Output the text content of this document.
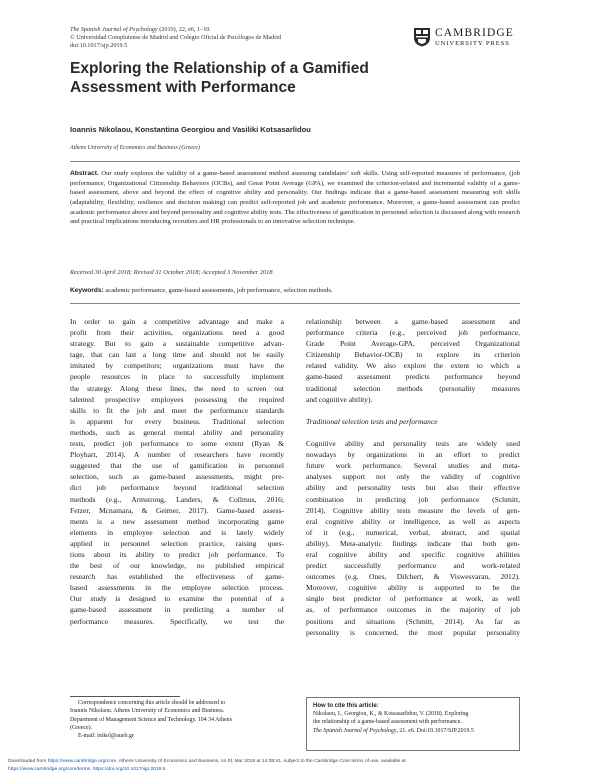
The Spanish Journal of Psychology (2019), 22, e6, 1–10.
© Universidad Complutense de Madrid and Colegio Oficial de Psicólogos de Madrid
doi:10.1017/sjp.2019.5
CAMBRIDGE
UNIVERSITY PRESS
Exploring the Relationship of a Gamified Assessment with Performance
Ioannis Nikolaou, Konstantina Georgiou and Vasiliki Kotsasarlidou
Athens University of Economics and Business (Greece)
Abstract. Our study explores the validity of a game-based assessment method assessing candidates’ soft skills. Using self-reported measures of performance, (job performance, Organizational Citizenship Behaviors (OCBs), and Great Point Average (GPA), we examined the criterion-related and incremental validity of a game-based assessment, above and beyond the effect of cognitive ability and personality. Our findings indicate that a game-based assessment measuring soft skills (adaptability, flexibility, resilience and decision making) can predict self-reported job and academic performance. Moreover, a game-based assessment can predict academic performance above and beyond personality and cognitive ability tests. The effectiveness of gamification in personnel selection is discussed along with research and practical implications introducing recruiters and HR professionals to an innovative selection technique.
Received 30 April 2018; Revised 31 October 2018; Accepted 3 November 2018
Keywords: academic performance, game-based assessments, job performance, selection methods.
In order to gain a competitive advantage and make a
profit from their activities, organizations need a good
strategy. But to gain a sustainable competitive advan-
tage, that can last a long time and should not be easily
imitated by competitors; organizations must have the
people resources in place to successfully implement
the strategy. Along these lines, the need to screen out
talented prospective employees possessing the required
skills to fit the job and meet the performance standards
is apparent for every business. Traditional selection
methods, such as general mental ability and personality
tests, predict job performance to some extent (Ryan &
Ployhart, 2014). A number of researchers have recently
suggested that the use of gamification in personnel
selection, such as game-based assessments, might pre-
dict job performance beyond traditional selection
methods (e.g., Armstrong, Landers, & Collmus, 2016;
Fetzer, Mcnamara, & Geimer, 2017). Game-based assess-
ments is a new assessment method incorporating game
elements in employee selection and is lately widely
applied in personnel selection practice, raising ques-
tions about its ability to predict job performance. To
the best of our knowledge, no published empirical
research has established the effectiveness of game-
based assessments in the employee selection process.
Our study is designed to examine the potential of a
game-based assessment in predicting a number of
performance measures. Specifically, we test the
relationship between a game-based assessment and
performance criteria (e.g., perceived job performance,
Grade Point Average-GPA, perceived Organizational
Citizenship Behavior-OCB) to explore its criterion
related validity. We also explore the extent to which a
game-based assessment predicts performance beyond
traditional selection methods (personality measures
and cognitive ability).
Traditional selection tests and performance
Cognitive ability and personality tests are widely used
nowadays by organizations in an effort to predict
future work performance. Several studies and meta-
analyses support not only the validity of cognitive
ability and personality tests but also their effective
combination in predicting job performance (Schmitt,
2014). Cognitive ability tests measure the levels of gen-
eral cognitive ability or intelligence, as well as aspects
of it (e.g., numerical, verbal, abstract, and spatial
ability). Meta-analytic findings indicate that both gen-
eral cognitive ability and specific cognitive abilities
predict successfully performance and work-related
outcomes (e.g. Ones, Dilchert, & Viswesvaran, 2012).
Moreover, cognitive ability is supported to be the
single best predictor of performance at work, as well
as, of performance outcomes in the majority of job
positions and situations (Schmitt, 2014). As far as
personality is concerned, the most popular personality
Correspondence concerning this article should be addressed to
Ioannis Nikolaou. Athens University of Economics and Business.
Department of Management Science and Technology. 104 34 Athens
(Greece).
E-mail: inikol@aueb.gr
How to cite this article:
Nikolaou, I., Georgiou, K., & Kotsasarlidou, V. (2018). Exploring
the relationship of a game-based assessment with performance.
The Spanish Journal of Psychology, 21. e6. Doi:10.1017/SJP.2019.5
Downloaded from https://www.cambridge.org/core. Athens University of Economics and Business, on 01 Mar 2019 at 14:08:41, subject to the Cambridge Core terms of use, available at
https://www.cambridge.org/core/terms. https://doi.org/10.1017/sjp.2019.5
